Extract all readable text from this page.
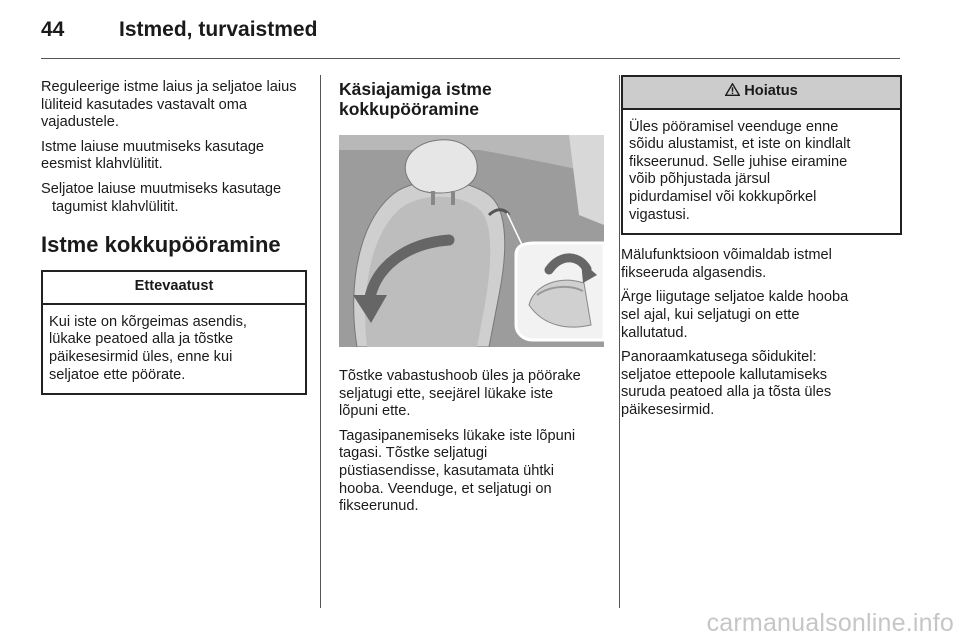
44	Istmed, turvaistmed

Reguleerige istme laius ja seljatoe laius lüliteid kasutades vastavalt oma vajadustele.

Istme laiuse muutmiseks kasutage eesmist klahvlülitit.

Seljatoe laiuse muutmiseks kasutage tagumist klahvlülitit.

Istme kokkupööramine
Ettevaatust
Kui iste on kõrgeimas asendis,
lükake peatoed alla ja tõstke
päikesesirmid üles, enne kui
seljatoe ette pöörate.
Käsiajamiga istme
kokkupööramine

Tõstke vabastushoob üles ja pöörake
seljatugi ette, seejärel lükake iste
lõpuni ette.

Tagasipanemiseks lükake iste lõpuni
tagasi. Tõstke seljatugi
püstiasendisse, kasutamata ühtki
hooba. Veenduge, et seljatugi on
fikseerunud.

Hoiatus
Üles pööramisel veenduge enne
sõidu alustamist, et iste on kindlalt
fikseerunud. Selle juhise eiramine
võib põhjustada järsul
pidurdamisel või kokkupõrkel
vigastusi.

Mälufunktsioon võimaldab istmel
fikseeruda algasendis.

Ärge liigutage seljatoe kalde hooba
sel ajal, kui seljatugi on ette
kallutatud.

Panoraamkatusega sõidukitel:
seljatoe ettepoole kallutamiseks
suruda peatoed alla ja tõsta üles
päikesesirmid.

carmanualsonline.info
